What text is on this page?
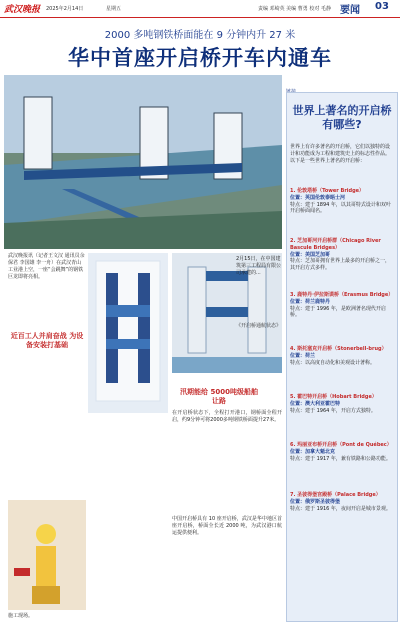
武汉晚报 2025年2月14日	星期五	责编 邓崎英 美编 曹勇 校对 毛静 要闻 03
2000 多吨钢铁桥面能在 9 分钟内升 27 米
华中首座开启桥开车内通车
武汉晚报讯（记者王文汉 通讯员余保君 李国雄 李一舟）在武汉青山工业港上空，一座“会跳舞”的钢铁巨龙即将亮相。
2月15日，在中国建筑第三工程局有限公司承建的...
《开启桥通航状态》
近百工人并肩奋战 为设备安装打基础
汛期能给 5000吨级船舶让路
在开启桥状态下，全程打开港口，钢桥面全程开启，约9分钟可将2000多吨钢铁桥面提升27米。
中国开启桥具有 10 座开启桥，武汉是华中地区首座开启桥，桥面全长近 2000 吨，为武汉港口航运提供便利。
施工现场。
世界上著名的开启桥有哪些?
世界上有许多著名的开启桥，它们以独特的设计和功能成为工程和建筑史上的标志性作品。以下是一些世界上著名的开启桥：
1. 伦敦塔桥（Tower Bridge）
位置：英国伦敦泰晤士河
特点：建于 1894 年，以其哥特式设计和双叶开启桥面闻名。
2. 芝加哥河开启桥群（Chicago River Bascule Bridges）
位置：美国芝加哥
特点：芝加哥拥有世界上最多的开启桥之一，其开启方式多样。
3. 鹿特丹·伊拉斯谟桥（Erasmus Bridge）
位置：荷兰鹿特丹
特点：建于 1996 年，是欧洲著名现代开启桥。
4. 斯托塞克开启桥（Stonerbell-brug）
位置：荷兰
特点：以高度自动化和美观设计著称。
5. 霍巴特开启桥（Hobart Bridge）
位置：澳大利亚霍巴特
特点：建于 1964 年，开启方式独特。
6. 玛丽亚布桥开启桥（Pont de Québec）
位置：加拿大魁北克
特点：建于 1917 年，兼有铁路和公路功能。
7. 圣彼得堡宫殿桥（Palace Bridge）
位置：俄罗斯圣彼得堡
特点：建于 1916 年，夜间开启是城市景观。
